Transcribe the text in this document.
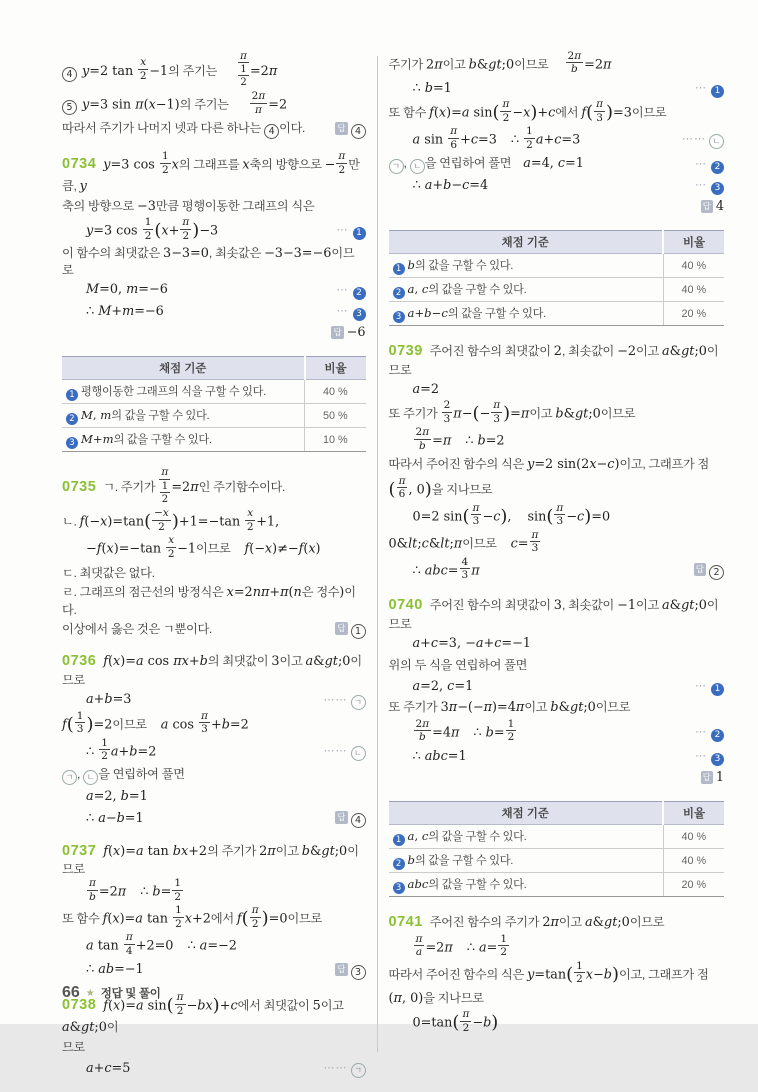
4 y=2 $\tan \frac{x}{2} -1$의 주기는 $\frac{\pi}{\frac{1}{2}} =2\pi$
5 y=3 sin π(x−1)의 주기는 $\frac{2\pi}{\pi} =2$
따라서 주기가 나머지 넷과 다른 하나는 4 이다.	답 4
0734 y=3 $\cos \frac{1}{2}$ x의 그래프를 x축의 방향으로 − $\frac{\pi}{2}$ 만큼, y
축의 방향으로 −3만큼 평행이동한 그래프의 식은
y=3 $\cos \frac{1}{2} (x+ \frac{\pi}{2} )-3$	⋯ 1
이 함수의 최댓값은 3−3=0, 최솟값은 −3−3=−6이므로
M=0, m=−6	⋯ 2
∴ M+m=−6	⋯ 3
답 −6
채점 기준	비율
1 평행이동한 그래프의 식을 구할 수 있다.	40 %
2 M, m의 값을 구할 수 있다.	50 %
3 M+m의 값을 구할 수 있다.	10 %
0735 ㄱ. 주기가 $\frac{\pi}{\frac{1}{2}} =2\pi$인 주기함수이다.
ㄴ. $f(-x)=\tan( \frac{-x}{2} )+1=-\tan \frac{x}{2} +1$,
$-f(x)=-\tan \frac{x}{2} -1$이므로 f(−x)≠−f(x)
ㄷ. 최댓값은 없다.
ㄹ. 그래프의 점근선의 방정식은 x=2nπ+π(n은 정수)이다.
이상에서 옳은 것은 ㄱ뿐이다.	답 1
0736 f(x)=a cos πx+b의 최댓값이 3이고 a&gt;0이므로
a+b=3	⋯⋯ ㄱ
$f( \frac{1}{3} )=2$이므로 a $\cos \frac{\pi}{3} +b=2$
∴ $\frac{1}{2} a+b=2$	⋯⋯ ㄴ
ㄱ , ㄴ 을 연립하여 풀면
a=2, b=1
∴ a−b=1	답 4
0737 f(x)=a tan bx+2의 주기가 2π이고 b&gt;0이므로
$\frac{\pi}{b} =2\pi$ ∴ $b= \frac{1}{2}$
또 함수 f(x)=a $\tan \frac{1}{2} x+2$에서 $f( \frac{\pi}{2} )=0$이므로
a $\tan \frac{\pi}{4} +2=0$ ∴ a=−2
∴ ab=−1	답 3
0738 f(x)=a $\sin( \frac{\pi}{2} -bx)+c$에서 최댓값이 5이고 a&gt;0이
므로
a+c=5	⋯⋯ ㄱ
주기가 2π이고 b&gt;0이므로 $\frac{2\pi}{b} =2\pi$
∴ b=1	⋯ 1
또 함수 f(x)=a $\sin( \frac{\pi}{2} -x)+c$에서 $f( \frac{\pi}{3} )=3$이므로
a $\sin \frac{\pi}{6} +c=3$ ∴ $\frac{1}{2} a+c=3$	⋯⋯ ㄴ
ㄱ , ㄴ 을 연립하여 풀면 a=4, c=1	⋯ 2
∴ a+b−c=4	⋯ 3
답 4
채점 기준	비율
1 b의 값을 구할 수 있다.	40 %
2 a, c의 값을 구할 수 있다.	40 %
3 a+b−c의 값을 구할 수 있다.	20 %
0739 주어진 함수의 최댓값이 2, 최솟값이 −2이고 a&gt;0이므로
a=2
또 주기가 $\frac{2}{3} \pi-(- \frac{\pi}{3} )=\pi$이고 b&gt;0이므로
$\frac{2\pi}{b} =\pi$ ∴ b=2
따라서 주어진 함수의 식은 y=2 sin(2x−c)이고, 그래프가 점
( $\frac{\pi}{6}$ , 0)을 지나므로
0=2 $\sin( \frac{\pi}{3} -c)$, $\sin( \frac{\pi}{3} -c)=0$
0&lt;c&lt;π이므로 $c= \frac{\pi}{3}$
∴ $abc= \frac{4}{3}$ π	답 2
0740 주어진 함수의 최댓값이 3, 최솟값이 −1이고 a&gt;0이므로
a+c=3, −a+c=−1
위의 두 식을 연립하여 풀면
a=2, c=1	⋯ 1
또 주기가 3π−(−π)=4π이고 b&gt;0이므로
$\frac{2\pi}{b} =4\pi$ ∴ $b= \frac{1}{2}$	⋯ 2
∴ abc=1	⋯ 3
답 1
채점 기준	비율
1 a, c의 값을 구할 수 있다.	40 %
2 b의 값을 구할 수 있다.	40 %
3 abc의 값을 구할 수 있다.	20 %
0741 주어진 함수의 주기가 2π이고 a&gt;0이므로
$\frac{\pi}{a} =2\pi$ ∴ $a= \frac{1}{2}$
따라서 주어진 함수의 식은 $y=\tan( \frac{1}{2} x-b)$이고, 그래프가 점
(π, 0)을 지나므로
$0=\tan( \frac{\pi}{2} -b)$
66 ★ 정답 및 풀이
